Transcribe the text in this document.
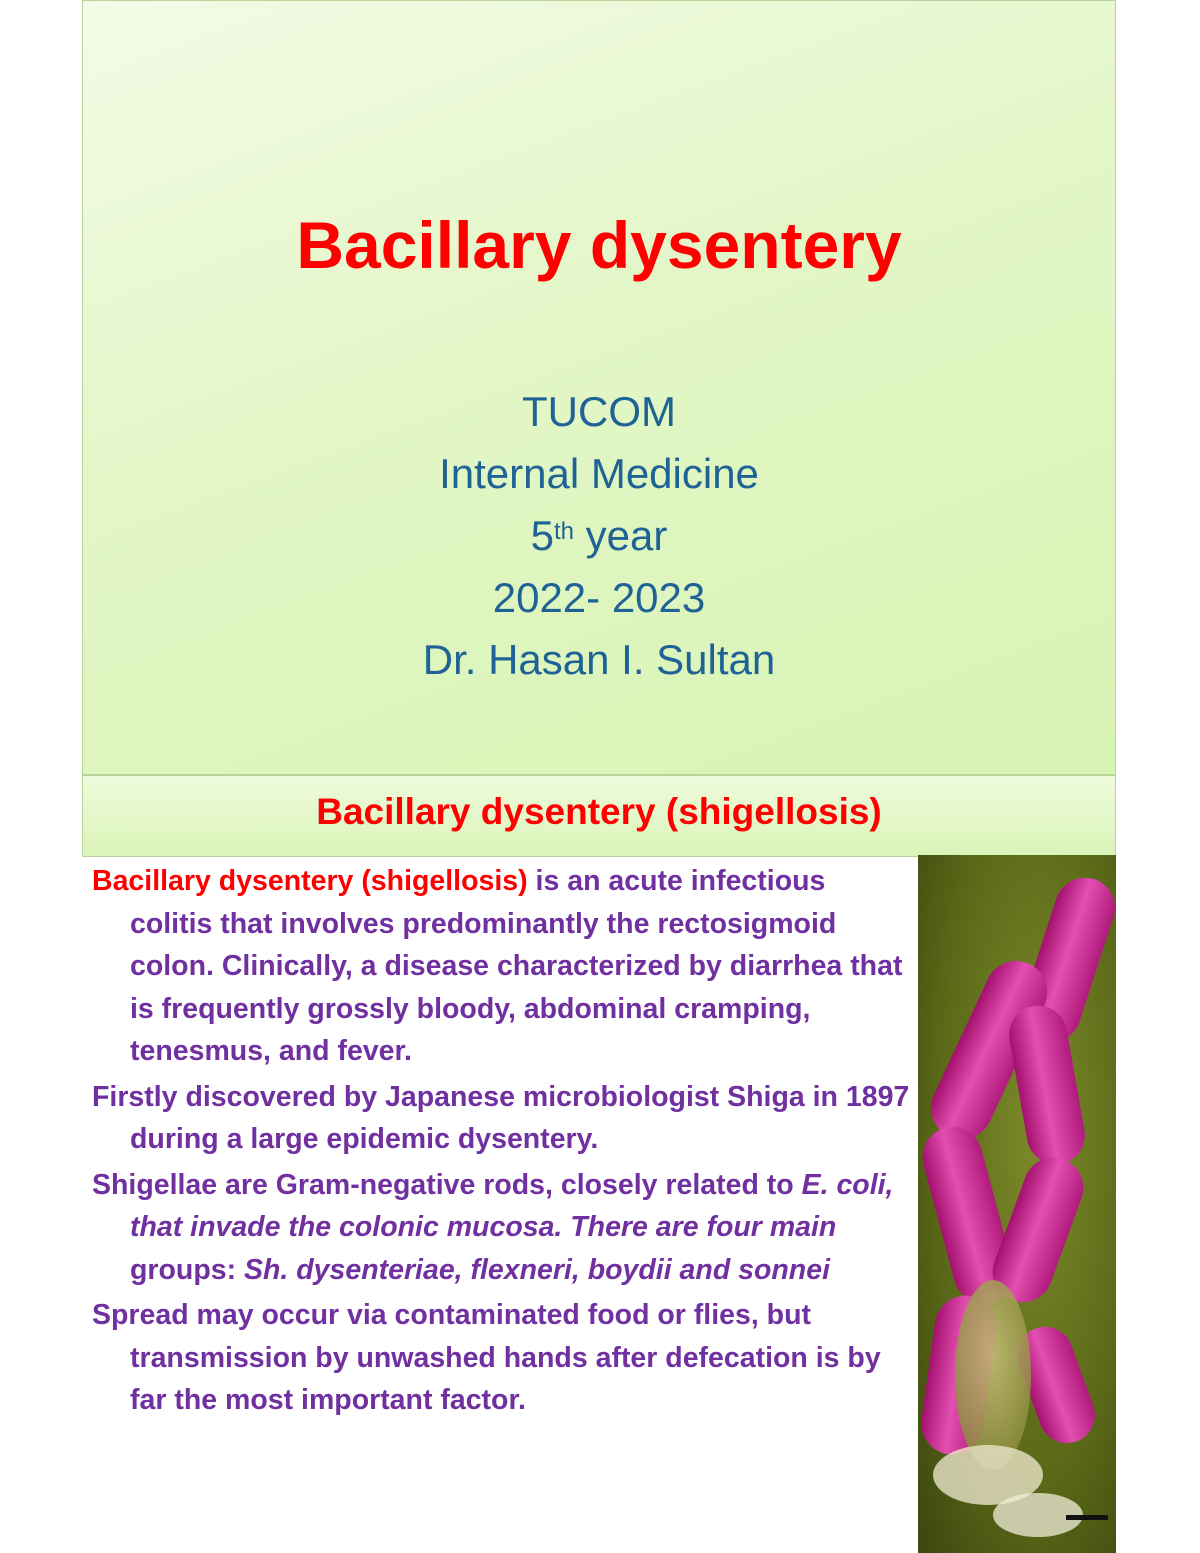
Bacillary dysentery
TUCOM
Internal Medicine
5th year
2022- 2023
Dr. Hasan I. Sultan
Bacillary dysentery (shigellosis)

Bacillary dysentery (shigellosis) is an acute infectious colitis that involves predominantly the rectosigmoid colon. Clinically, a disease characterized by diarrhea that is frequently grossly bloody, abdominal cramping, tenesmus, and fever.

Firstly discovered by Japanese microbiologist Shiga in 1897 during a large epidemic dysentery.

Shigellae are Gram-negative rods, closely related to E. coli, that invade the colonic mucosa. There are four main groups: Sh. dysenteriae, flexneri, boydii and sonnei

Spread may occur via contaminated food or flies, but transmission by unwashed hands after defecation is by far the most important factor.
